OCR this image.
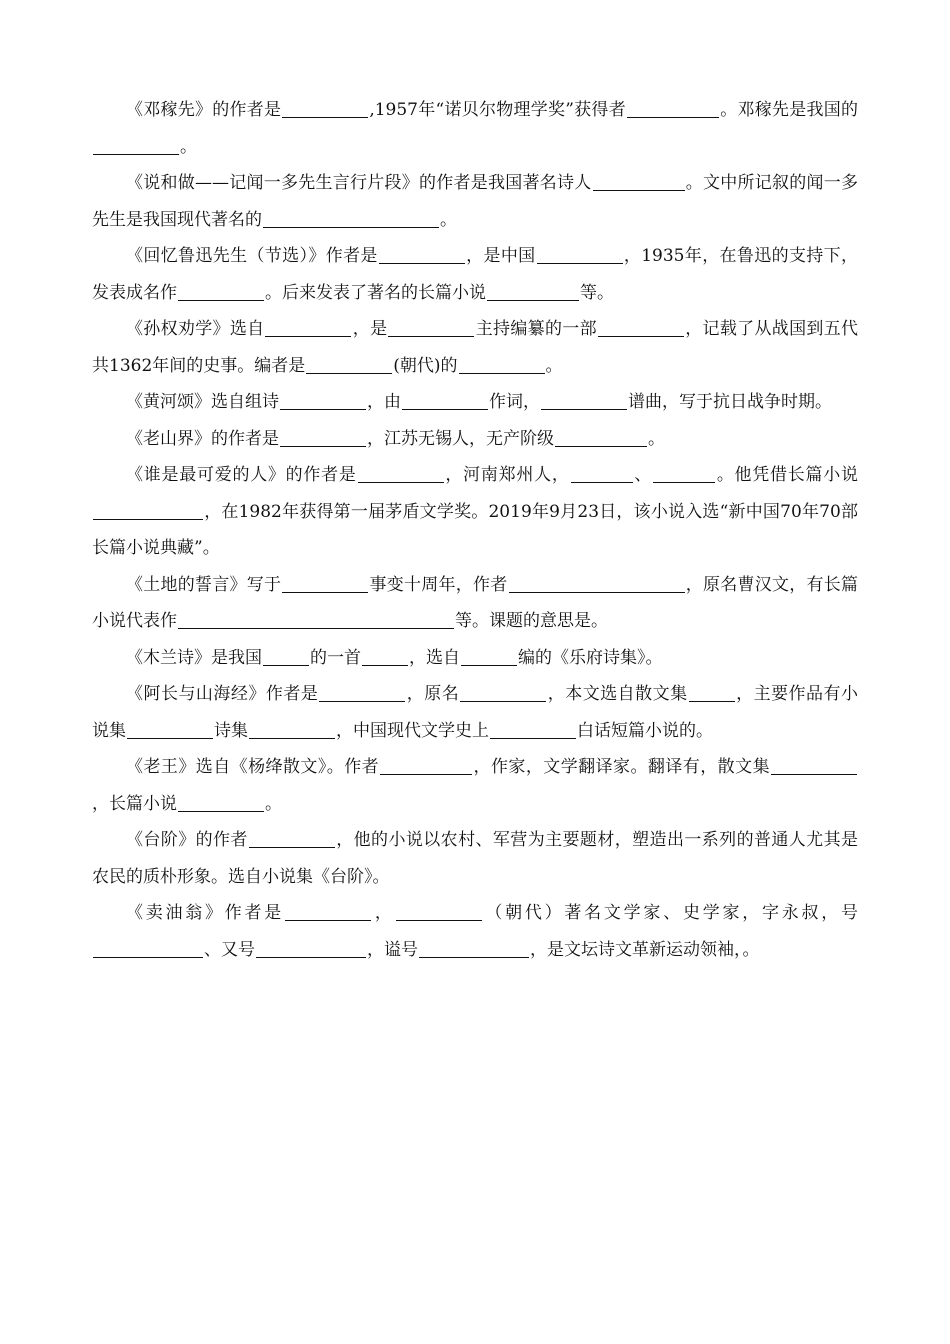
《邓稼先》的作者是	,1957年“诺贝尔物理学奖”获得者	。邓稼先是我国的。

《说和做——记闻一多先生言行片段》的作者是我国著名诗人	。文中所记叙的闻一多先生是我国现代著名的	。

《回忆鲁迅先生（节选）》作者是	，是中国	，1935年，在鲁迅的支持下，发表成名作	。后来发表了著名的长篇小说	等。

《孙权劝学》选自	，是	主持编纂的一部	，记载了从战国到五代共1362年间的史事。编者是	(朝代)的	。

《黄河颂》选自组诗	，由	作词，	谱曲，写于抗日战争时期。

《老山界》的作者是	，江苏无锡人，无产阶级	。

《谁是最可爱的人》的作者是	，河南郑州人，	、	。他凭借长篇小说，在1982年获得第一届茅盾文学奖。2019年9月23日，该小说入选“新中国70年70部长篇小说典藏”。

《土地的誓言》写于	事变十周年，作者	，原名曹汉文，有长篇小说代表作	等。课题的意思是。

《木兰诗》是我国	的一首	，选自	编的《乐府诗集》。

《阿长与山海经》作者是	，原名	，本文选自散文集	，主要作品有小说集	诗集	，中国现代文学史上	白话短篇小说的。

《老王》选自《杨绛散文》。作者	，作家，文学翻译家。翻译有，散文集，长篇小说	。

《台阶》的作者	，他的小说以农村、军营为主要题材，塑造出一系列的普通人尤其是农民的质朴形象。选自小说集《台阶》。

《卖油翁》作者是	，	（朝代）著名文学家、史学家，字永叔，号、又号	，谥号	，是文坛诗文革新运动领袖，。
